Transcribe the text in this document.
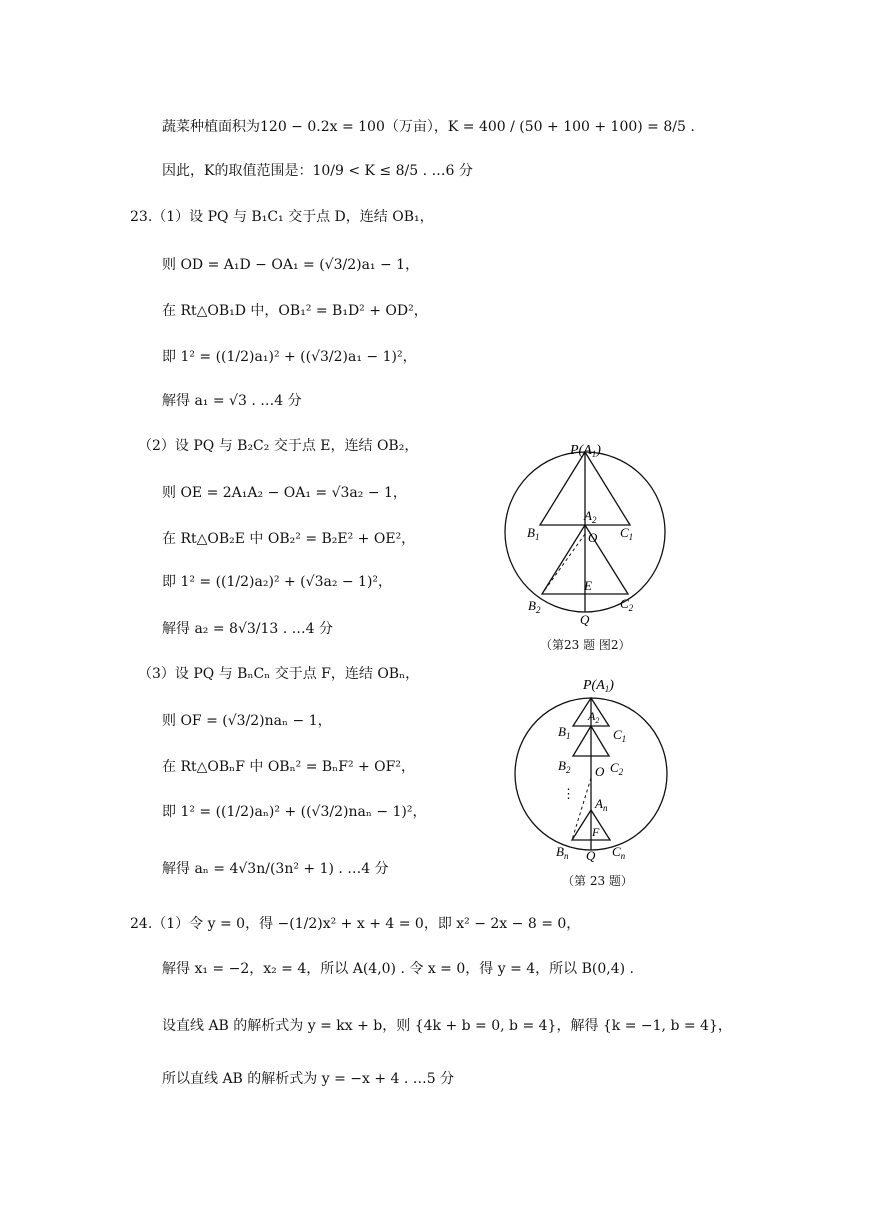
蔬菜种植面积为120 − 0.2x = 100（万亩），K = 400 / (50 + 100 + 100) = 8/5 .
因此，K的取值范围是：10/9 < K ≤ 8/5 . …6 分
23.（1）设 PQ 与 B₁C₁ 交于点 D，连结 OB₁，
则 OD = A₁D − OA₁ = (√3/2)a₁ − 1，
在 Rt△OB₁D 中，OB₁² = B₁D² + OD²，
即 1² = ((1/2)a₁)² + ((√3/2)a₁ − 1)²，
解得 a₁ = √3 . …4 分
（2）设 PQ 与 B₂C₂ 交于点 E，连结 OB₂，
则 OE = 2A₁A₂ − OA₁ = √3a₂ − 1，
在 Rt△OB₂E 中 OB₂² = B₂E² + OE²，
即 1² = ((1/2)a₂)² + (√3a₂ − 1)²，
解得 a₂ = 8√3/13 . …4 分
（3）设 PQ 与 BₙCₙ 交于点 F，连结 OBₙ，
则 OF = (√3/2)naₙ − 1，
在 Rt△OBₙF 中 OBₙ² = BₙF² + OF²，
即 1² = ((1/2)aₙ)² + ((√3/2)naₙ − 1)²，
解得 aₙ = 4√3n/(3n² + 1) . …4 分
24.（1）令 y = 0，得 −(1/2)x² + x + 4 = 0，即 x² − 2x − 8 = 0，
解得 x₁ = −2，x₂ = 4，所以 A(4,0) . 令 x = 0，得 y = 4，所以 B(0,4) .
设直线 AB 的解析式为 y = kx + b，则 {4k + b = 0, b = 4}，解得 {k = −1, b = 4}，
所以直线 AB 的解析式为 y = −x + 4 . …5 分
$P(A_1)$
$A_2$
$B_1$	$C_1$
O
E
$B_2$	$C_2$
Q
（第23 题 图2）
$P(A_1)$
$A_2$
$B_1$	$C_1$
$B_2$ O $C_2$
⋮
$A_n$
F
$B_n$ Q $C_n$
（第 23 题）
